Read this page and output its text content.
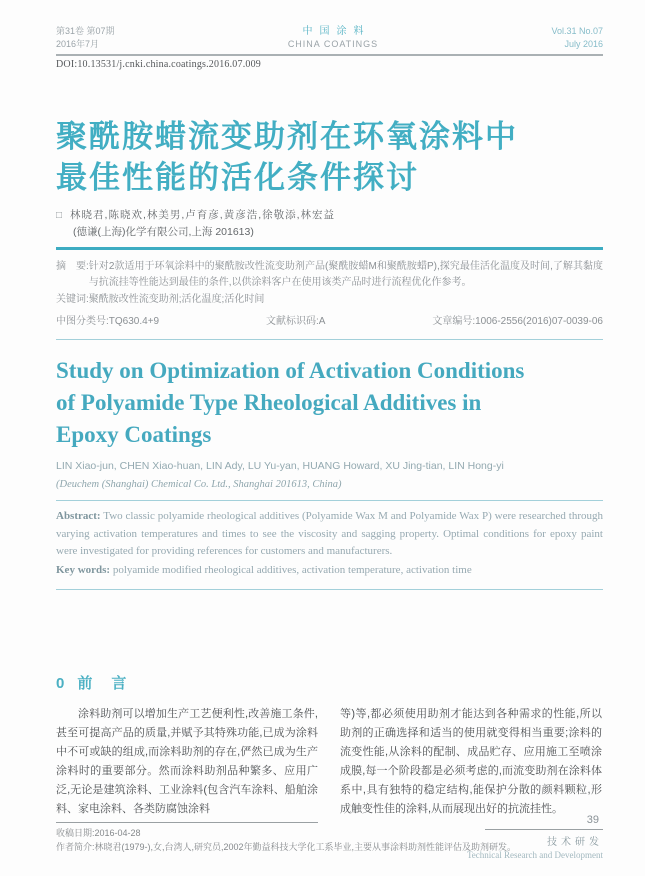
第31卷 第07期
2016年7月
中国涂料
CHINA COATINGS
Vol.31 No.07
July 2016
DOI:10.13531/j.cnki.china.coatings.2016.07.009
聚酰胺蜡流变助剂在环氧涂料中
最佳性能的活化条件探讨
□ 林晓君,陈晓欢,林美男,卢育彦,黄彦浩,徐敬添,林宏益
(德谦(上海)化学有限公司,上海 201613)
摘　要: 针对2款适用于环氧涂料中的聚酰胺改性流变助剂产品(聚酰胺蜡M和聚酰胺蜡P),探究最佳活化温度及时间,了解其黏度与抗流挂等性能达到最佳的条件,以供涂料客户在使用该类产品时进行流程优化作参考。
关键词: 聚酰胺改性流变助剂;活化温度;活化时间
中图分类号:TQ630.4+9	文献标识码:A	文章编号:1006-2556(2016)07-0039-06
Study on Optimization of Activation Conditions
of Polyamide Type Rheological Additives in
Epoxy Coatings
LIN Xiao-jun, CHEN Xiao-huan, LIN Ady, LU Yu-yan, HUANG Howard, XU Jing-tian, LIN Hong-yi
(Deuchem (Shanghai) Chemical Co. Ltd., Shanghai 201613, China)
Abstract: Two classic polyamide rheological additives (Polyamide Wax M and Polyamide Wax P) were researched through varying activation temperatures and times to see the viscosity and sagging property. Optimal conditions for epoxy paint were investigated for providing references for customers and manufacturers.
Key words: polyamide modified rheological additives, activation temperature, activation time
0 前　言

涂料助剂可以增加生产工艺便利性,改善施工条件,甚至可提高产品的质量,并赋予其特殊功能,已成为涂料中不可或缺的组成,而涂料助剂的存在,俨然已成为生产涂料时的重要部分。然而涂料助剂品种繁多、应用广泛,无论是建筑涂料、工业涂料(包含汽车涂料、船舶涂料、家电涂料、各类防腐蚀涂料

等)等,都必须使用助剂才能达到各种需求的性能,所以助剂的正确选择和适当的使用就变得相当重要;涂料的流变性能,从涂料的配制、成品贮存、应用施工至喷涂成膜,每一个阶段都是必须考虑的,而流变助剂在涂料体系中,具有独特的稳定结构,能保护分散的颜料颗粒,形成触变性佳的涂料,从而展现出好的抗流挂性。

收稿日期:2016-04-28
作者简介:林晓君(1979-),女,台湾人,研究员,2002年勤益科技大学化工系毕业,主要从事涂料助剂性能评估及助剂研发。
39
技术研发
Technical Research and Development
